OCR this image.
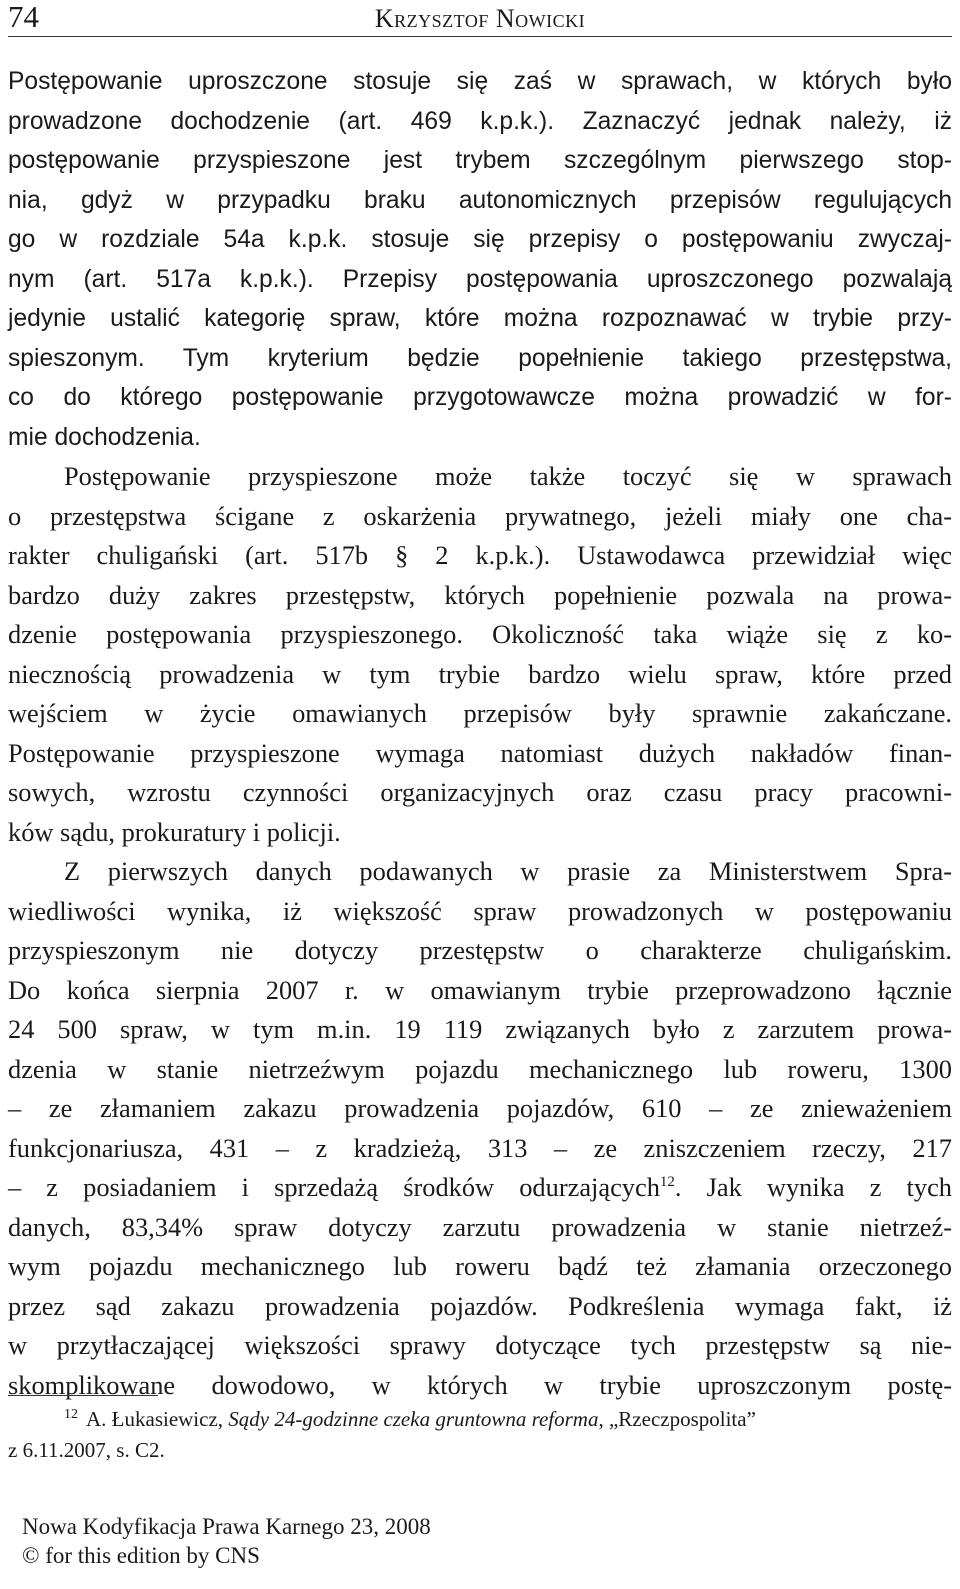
74	Krzysztof Nowicki
Postępowanie uproszczone stosuje się zaś w sprawach, w których było
prowadzone dochodzenie (art. 469 k.p.k.). Zaznaczyć jednak należy, iż
postępowanie przyspieszone jest trybem szczególnym pierwszego stop-
nia, gdyż w przypadku braku autonomicznych przepisów regulujących
go w rozdziale 54a k.p.k. stosuje się przepisy o postępowaniu zwyczaj-
nym (art. 517a k.p.k.). Przepisy postępowania uproszczonego pozwalają
jedynie ustalić kategorię spraw, które można rozpoznawać w trybie przy-
spieszonym. Tym kryterium będzie popełnienie takiego przestępstwa,
co do którego postępowanie przygotowawcze można prowadzić w for-
mie dochodzenia.
Postępowanie przyspieszone może także toczyć się w sprawach
o przestępstwa ścigane z oskarżenia prywatnego, jeżeli miały one cha-
rakter chuligański (art. 517b § 2 k.p.k.). Ustawodawca przewidział więc
bardzo duży zakres przestępstw, których popełnienie pozwala na prowa-
dzenie postępowania przyspieszonego. Okoliczność taka wiąże się z ko-
niecznością prowadzenia w tym trybie bardzo wielu spraw, które przed
wejściem w życie omawianych przepisów były sprawnie zakańczane.
Postępowanie przyspieszone wymaga natomiast dużych nakładów finan-
sowych, wzrostu czynności organizacyjnych oraz czasu pracy pracowni-
ków sądu, prokuratury i policji.
Z pierwszych danych podawanych w prasie za Ministerstwem Spra-
wiedliwości wynika, iż większość spraw prowadzonych w postępowaniu
przyspieszonym nie dotyczy przestępstw o charakterze chuligańskim.
Do końca sierpnia 2007 r. w omawianym trybie przeprowadzono łącznie
24 500 spraw, w tym m.in. 19 119 związanych było z zarzutem prowa-
dzenia w stanie nietrzeźwym pojazdu mechanicznego lub roweru, 1300
– ze złamaniem zakazu prowadzenia pojazdów, 610 – ze znieważeniem
funkcjonariusza, 431 – z kradzieżą, 313 – ze zniszczeniem rzeczy, 217
– z posiadaniem i sprzedażą środków odurzających$^{12}$. Jak wynika z tych
danych, 83,34% spraw dotyczy zarzutu prowadzenia w stanie nietrzeź-
wym pojazdu mechanicznego lub roweru bądź też złamania orzeczonego
przez sąd zakazu prowadzenia pojazdów. Podkreślenia wymaga fakt, iż
w przytłaczającej większości sprawy dotyczące tych przestępstw są nie-
skomplikowane dowodowo, w których w trybie uproszczonym postę-
$^{12}$ A. Łukasiewicz, Sądy 24-godzinne czeka gruntowna reforma, „Rzeczpospolita”
z 6.11.2007, s. C2.
Nowa Kodyfikacja Prawa Karnego 23, 2008
© for this edition by CNS
